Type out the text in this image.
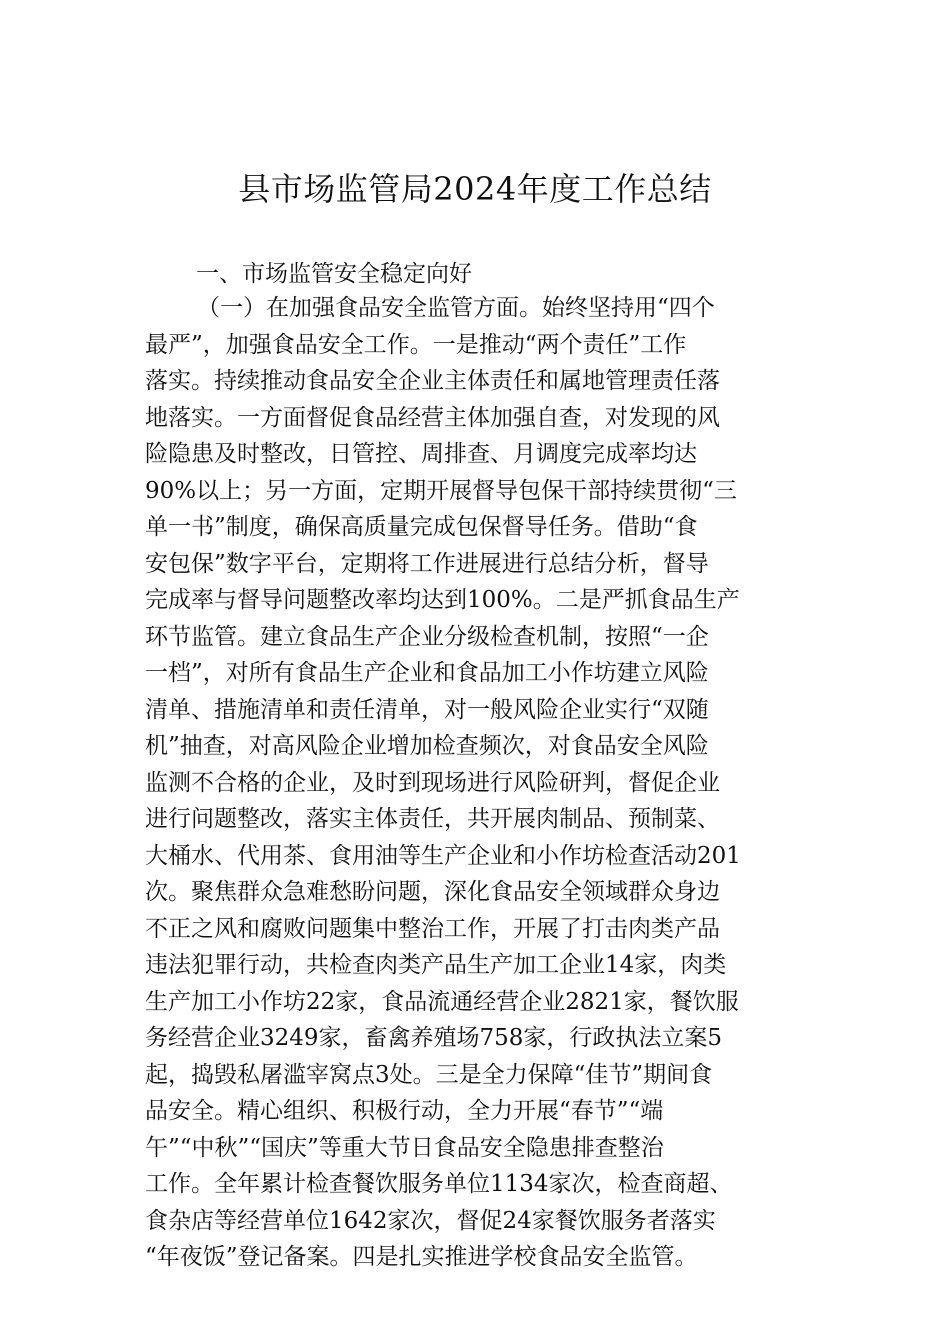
县市场监管局2024年度工作总结
一、市场监管安全稳定向好
（一）在加强食品安全监管方面。始终坚持用“四个
最严”，加强食品安全工作。一是推动“两个责任”工作
落实。持续推动食品安全企业主体责任和属地管理责任落
地落实。一方面督促食品经营主体加强自查，对发现的风
险隐患及时整改，日管控、周排查、月调度完成率均达
90%以上；另一方面，定期开展督导包保干部持续贯彻“三
单一书”制度，确保高质量完成包保督导任务。借助“食
安包保”数字平台，定期将工作进展进行总结分析，督导
完成率与督导问题整改率均达到100%。二是严抓食品生产
环节监管。建立食品生产企业分级检查机制，按照“一企
一档”，对所有食品生产企业和食品加工小作坊建立风险
清单、措施清单和责任清单，对一般风险企业实行“双随
机”抽查，对高风险企业增加检查频次，对食品安全风险
监测不合格的企业，及时到现场进行风险研判，督促企业
进行问题整改，落实主体责任，共开展肉制品、预制菜、
大桶水、代用茶、食用油等生产企业和小作坊检查活动201
次。聚焦群众急难愁盼问题，深化食品安全领域群众身边
不正之风和腐败问题集中整治工作，开展了打击肉类产品
违法犯罪行动，共检查肉类产品生产加工企业14家，肉类
生产加工小作坊22家，食品流通经营企业2821家，餐饮服
务经营企业3249家，畜禽养殖场758家，行政执法立案5
起，捣毁私屠滥宰窝点3处。三是全力保障“佳节”期间食
品安全。精心组织、积极行动，全力开展“春节”“端
午”“中秋”“国庆”等重大节日食品安全隐患排查整治
工作。全年累计检查餐饮服务单位1134家次，检查商超、
食杂店等经营单位1642家次，督促24家餐饮服务者落实
“年夜饭”登记备案。四是扎实推进学校食品安全监管。
